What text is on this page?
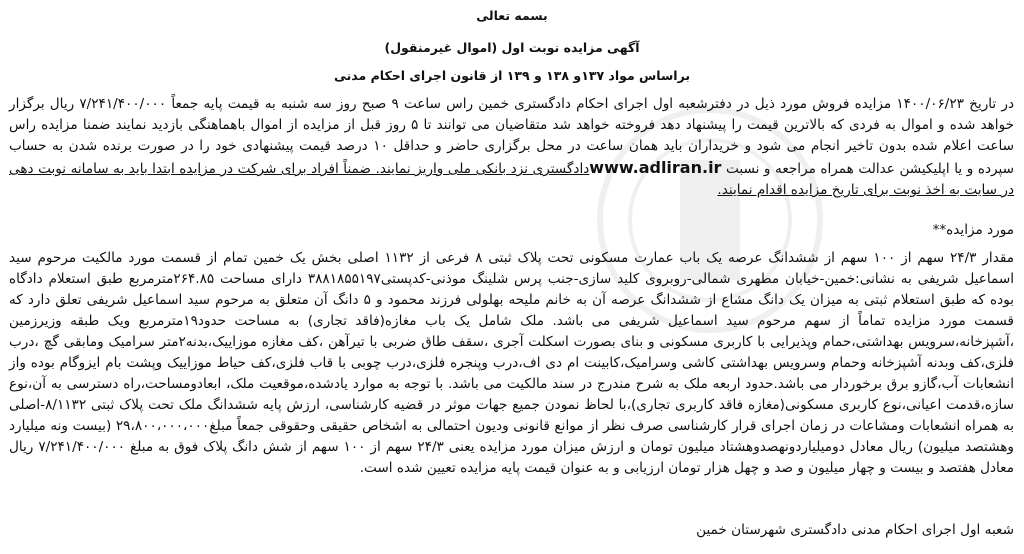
بسمه تعالی
آگهی مزایده نوبت اول (اموال غیرمنقول)
براساس مواد ۱۳۷و ۱۳۸ و ۱۳۹ از قانون اجرای احکام مدنی
در تاریخ ۱۴۰۰/۰۶/۲۳ مزایده فروش مورد ذیل در دفترشعبه اول اجرای احکام دادگستری خمین راس ساعت ۹ صبح روز سه شنبه به قیمت پایه جمعاً ۷/۲۴۱/۴۰۰/۰۰۰ ریال برگزار خواهد شده و اموال به فردی که بالاترین قیمت را پیشنهاد دهد فروخته خواهد شد متقاضیان می توانند تا ۵ روز قبل از مزایده از اموال باهماهنگی بازدید نمایند ضمنا مزایده راس ساعت اعلام شده بدون تاخیر انجام می شود و خریداران باید همان ساعت در محل برگزاری حاضر و حداقل ۱۰ درصد قیمت پیشنهادی خود را در صورت برنده شدن به حساب سپرده و یا اپلیکیشن عدالت همراه مراجعه و نسبت www.adliran.irدادگستری نزد بانکی ملی واریز نمایند. ضمناً افراد برای شرکت در مزایده ابتدا باید به سامانه نوبت دهی در سایت به اخذ نوبت برای تاریخ مزایده اقدام نمایند.
مورد مزایده**
مقدار ۲۴/۳ سهم از ۱۰۰ سهم از ششدانگ عرصه یک باب عمارت مسکونی تحت پلاک ثبتی ۸ فرعی از ۱۱۳۲ اصلی بخش یک خمین تمام از قسمت مورد مالکیت مرحوم سید اسماعیل شریفی به نشانی:خمین-خیابان مطهری شمالی-روبروی کلید سازی-جنب پرس شلینگ موذنی-کدپستی۳۸۸۱۸۵۵۱۹۷ دارای مساحت ۲۶۴.۸۵مترمربع طبق استعلام دادگاه بوده که طبق استعلام ثبتی به میزان یک دانگ مشاع از ششدانگ عرصه آن به خانم ملیحه بهلولی فرزند محمود و ۵ دانگ آن متعلق به مرحوم سید اسماعیل شریفی تعلق دارد که قسمت مورد مزایده تماماً از سهم مرحوم سید اسماعیل شریفی می باشد. ملک شامل یک باب مغازه(فاقد تجاری) به مساحت حدود۱۹مترمربع ویک طبقه وزیرزمین ،آشپزخانه،سرویس بهداشتی،حمام وپذیرایی با کاربری مسکونی و بنای بصورت اسکلت آجری ،سقف طاق ضربی با تیرآهن ،کف مغازه موزاییک،بدنه۲متر سرامیک ومابقی گچ ،درب فلزی،کف وبدنه آشپزخانه وحمام وسرویس بهداشتی کاشی وسرامیک،کابینت ام دی اف،درب وپنجره فلزی،درب چوبی با قاب فلزی،کف حیاط موزاییک وپشت بام ایزوگام بوده واز انشعابات آب،گازو برق برخوردار می باشد.حدود اربعه ملک به شرح مندرج در سند مالکیت می باشد. با توجه به موارد یادشده،موقعیت ملک، ابعادومساحت،راه دسترسی به آن،نوع سازه،قدمت اعیانی،نوع کاربری مسکونی(مغازه فاقد کاربری تجاری)،با لحاظ نمودن جمیع جهات موثر در قضیه کارشناسی، ارزش پایه ششدانگ ملک تحت پلاک ثبتی ۸/۱۱۳۲-اصلی به همراه انشعابات ومشاعات در زمان اجرای قرار کارشناسی صرف نظر از موانع قانونی ودیون احتمالی به اشخاص حقیقی وحقوقی جمعاً مبلغ۲۹،۸۰۰،۰۰۰،۰۰۰ (بیست ونه میلیارد وهشتصد میلیون) ریال معادل دومیلیاردونهصدوهشتاد میلیون تومان و ارزش میزان مورد مزایده یعنی ۲۴/۳ سهم از ۱۰۰ سهم از شش دانگ پلاک فوق به مبلغ ۷/۲۴۱/۴۰۰/۰۰۰ ریال معادل هفتصد و بیست و چهار میلیون و صد و چهل هزار تومان ارزیابی و به عنوان قیمت پایه مزایده تعیین شده است.
شعبه اول اجرای احکام مدنی دادگستری شهرستان خمین
